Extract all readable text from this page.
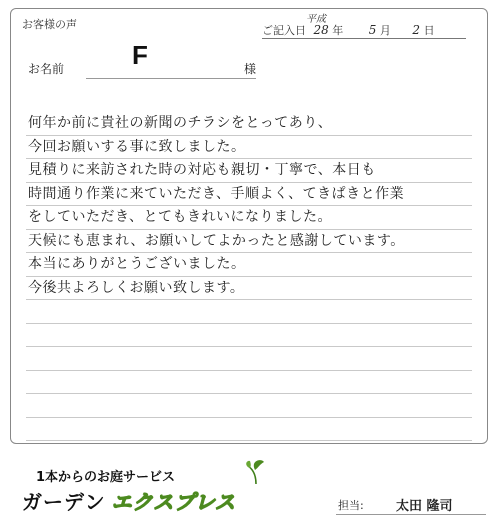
お客様の声	ご記入日
平成
28 年 5 月 2 日
お名前	F	様
何年か前に貴社の新聞のチラシをとってあり、
今回お願いする事に致しました。
見積りに来訪された時の対応も親切・丁寧で、本日も
時間通り作業に来ていただき、手順よく、てきぱきと作業
をしていただき、とてもきれいになりました。
天候にも恵まれ、お願いしてよかったと感謝しています。
本当にありがとうございました。
今後共よろしくお願い致します。
1本からのお庭サービス
ガーデン エクスプレス	担当: 太田 隆司
